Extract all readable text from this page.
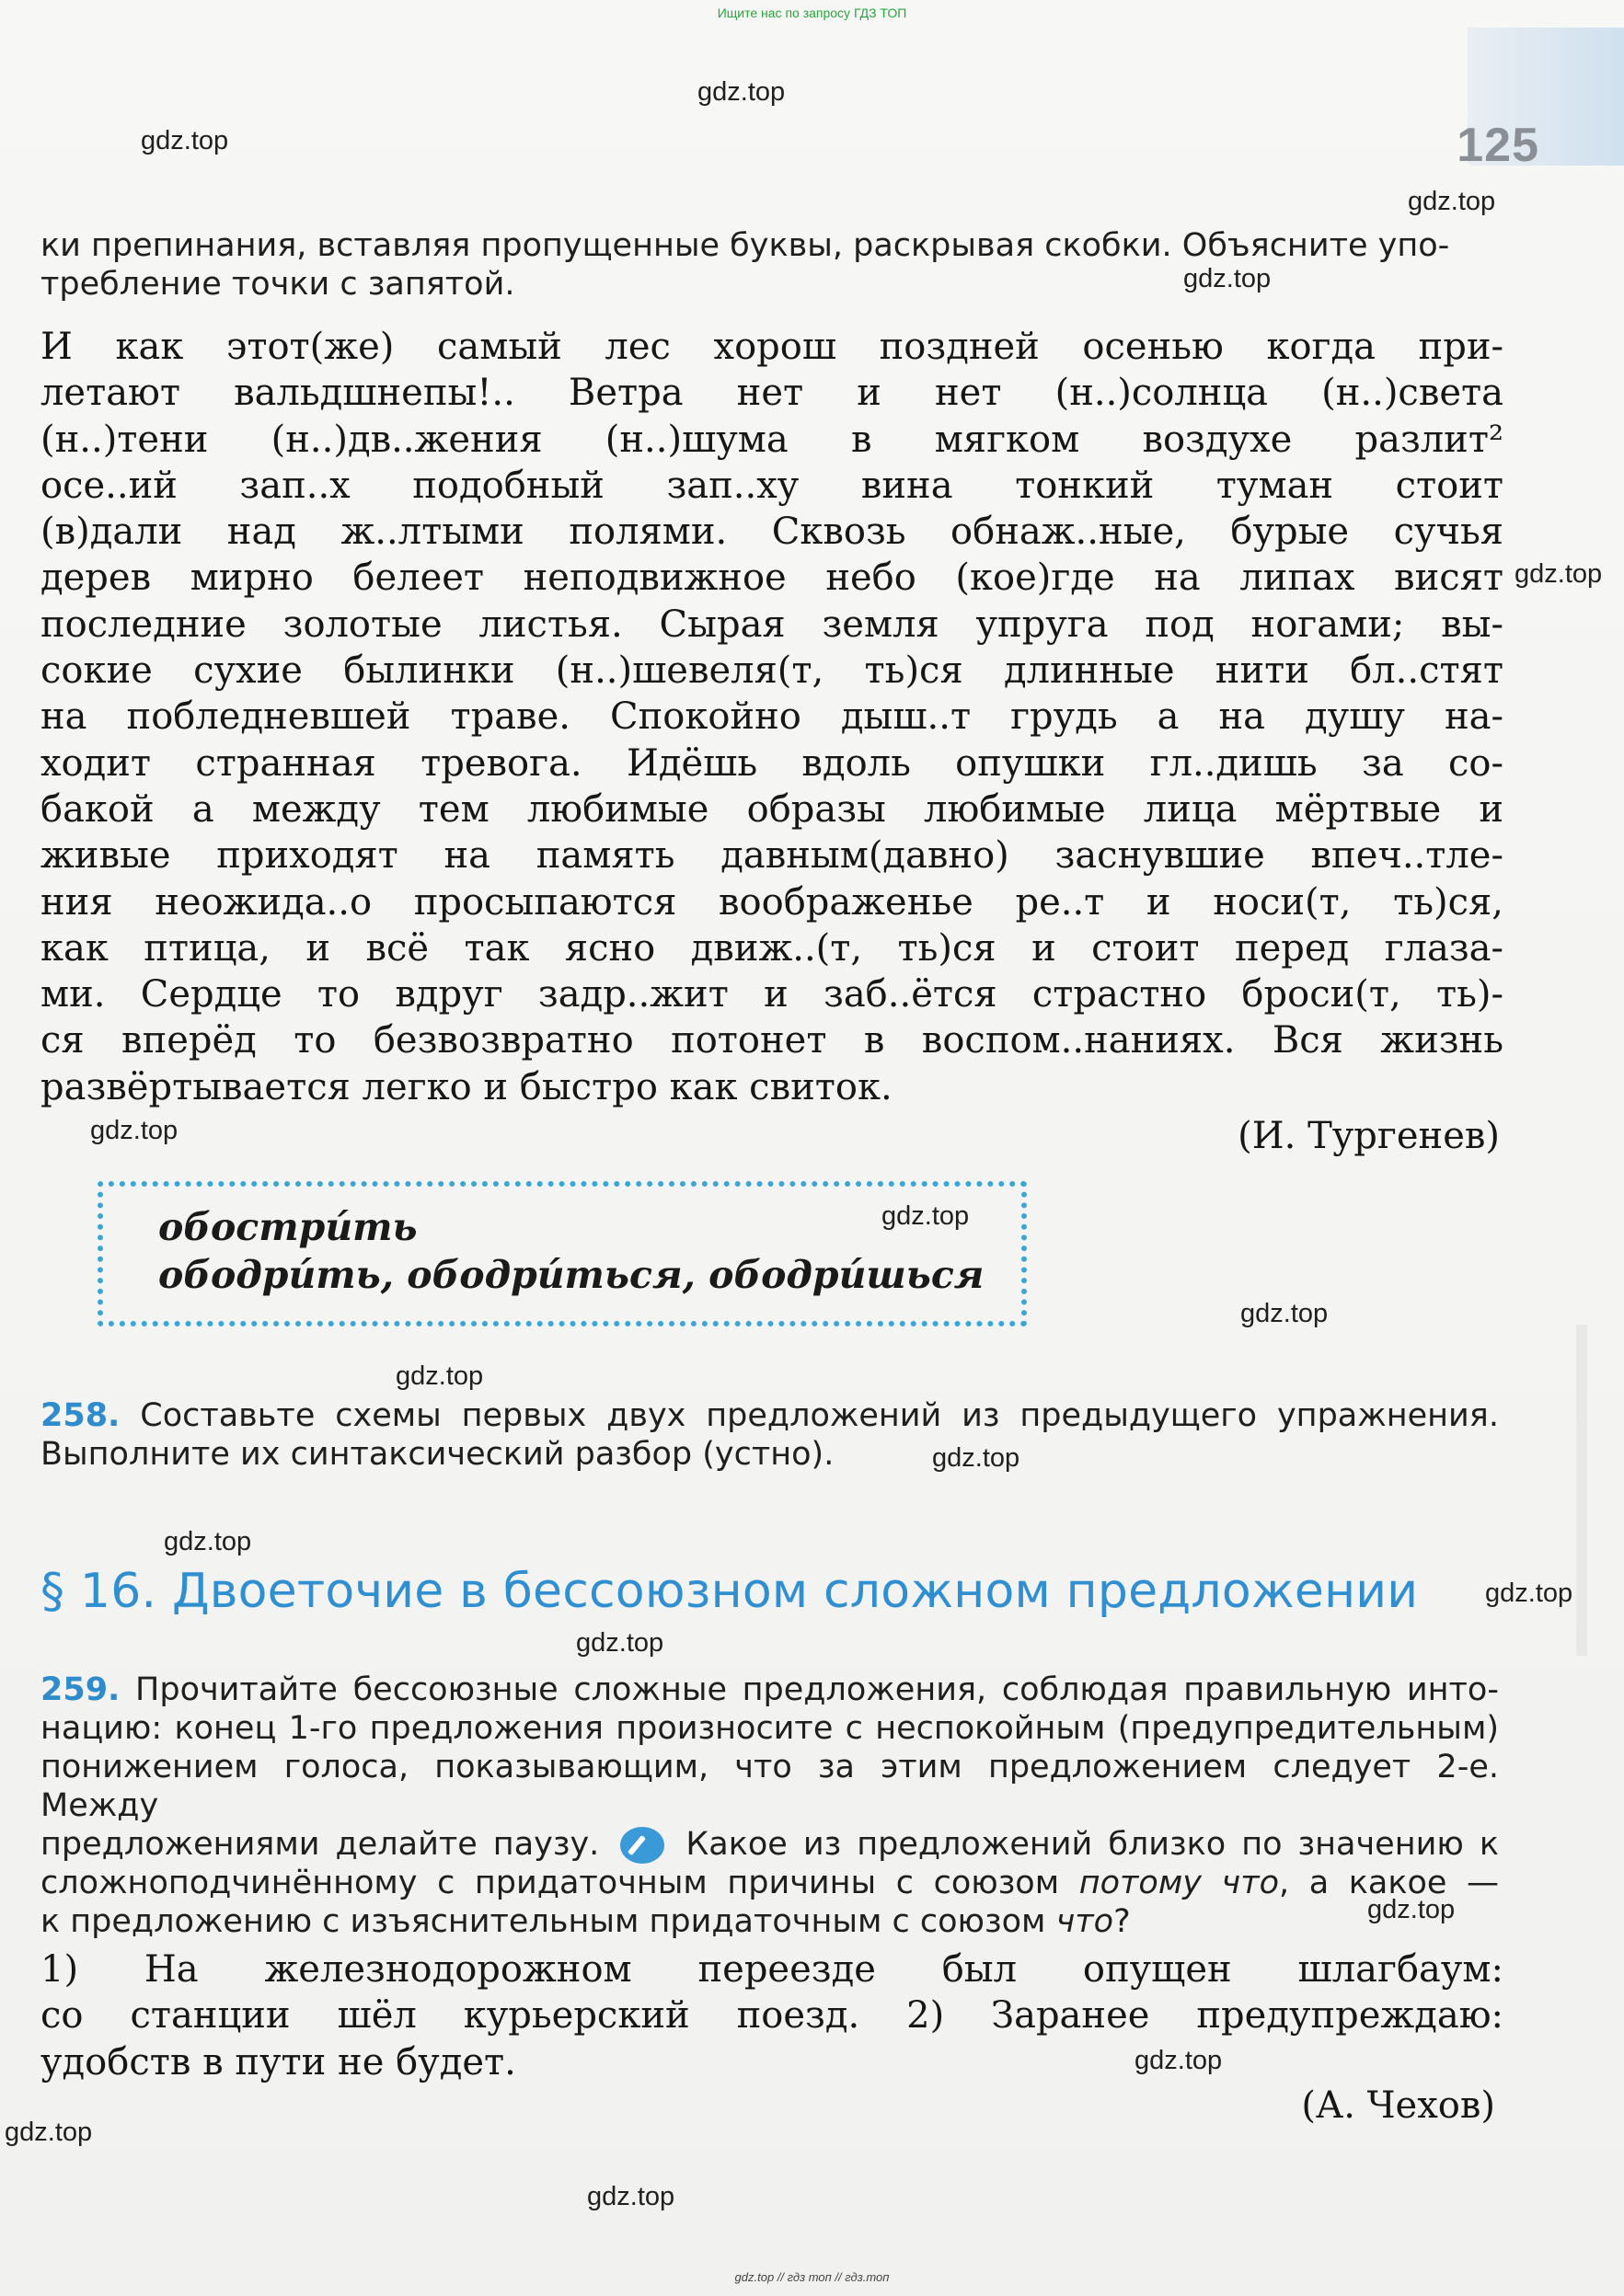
Ищите нас по запросу ГДЗ ТОП
125
gdz.top
gdz.top
gdz.top
gdz.top
gdz.top
gdz.top
gdz.top
gdz.top
gdz.top
gdz.top
gdz.top
gdz.top
gdz.top
gdz.top
gdz.top
gdz.top
gdz.top
ки препинания, вставляя пропущенные буквы, раскрывая скобки. Объясните упо-
требление точки с запятой.
И как этот(же) самый лес хорош поздней осенью когда при-
летают вальдшнепы!.. Ветра нет и нет (н..)солнца (н..)света
(н..)тени (н..)дв..жения (н..)шума в мягком воздухе разлит²
осе..ий зап..х подобный зап..ху вина тонкий туман стоит
(в)дали над ж..лтыми полями. Сквозь обнаж..ные, бурые сучья
дерев мирно белеет неподвижное небо (кое)где на липах висят
последние золотые листья. Сырая земля упруга под ногами; вы-
сокие сухие былинки (н..)шевеля(т, ть)ся длинные нити бл..стят
на побледневшей траве. Спокойно дыш..т грудь а на душу на-
ходит странная тревога. Идёшь вдоль опушки гл..дишь за со-
бакой а между тем любимые образы любимые лица мёртвые и
живые приходят на память давным(давно) заснувшие впеч..тле-
ния неожида..о просыпаются воображенье ре..т и носи(т, ть)ся,
как птица, и всё так ясно движ..(т, ть)ся и стоит перед глаза-
ми. Сердце то вдруг задр..жит и заб..ётся страстно броси(т, ть)-
ся вперёд то безвозвратно потонет в воспом..наниях. Вся жизнь
развёртывается легко и быстро как свиток.
(И. Тургенев)
обострúть
ободрúть, ободрúться, ободрúшься
258. Составьте схемы первых двух предложений из предыдущего упражнения.
Выполните их синтаксический разбор (устно).
§ 16. Двоеточие в бессоюзном сложном предложении
259. Прочитайте бессоюзные сложные предложения, соблюдая правильную инто-
нацию: конец 1-го предложения произносите с неспокойным (предупредительным)
понижением голоса, показывающим, что за этим предложением следует 2-е. Между
предложениями делайте паузу.	Какое из предложений близко по значению к
сложноподчинённому с придаточным причины с союзом потому что, а какое —
к предложению с изъяснительным придаточным с союзом что?
1) На железнодорожном переезде был опущен шлагбаум:
со станции шёл курьерский поезд. 2) Заранее предупреждаю:
удобств в пути не будет.
(А. Чехов)
gdz.top // гдз топ // гдз.топ
